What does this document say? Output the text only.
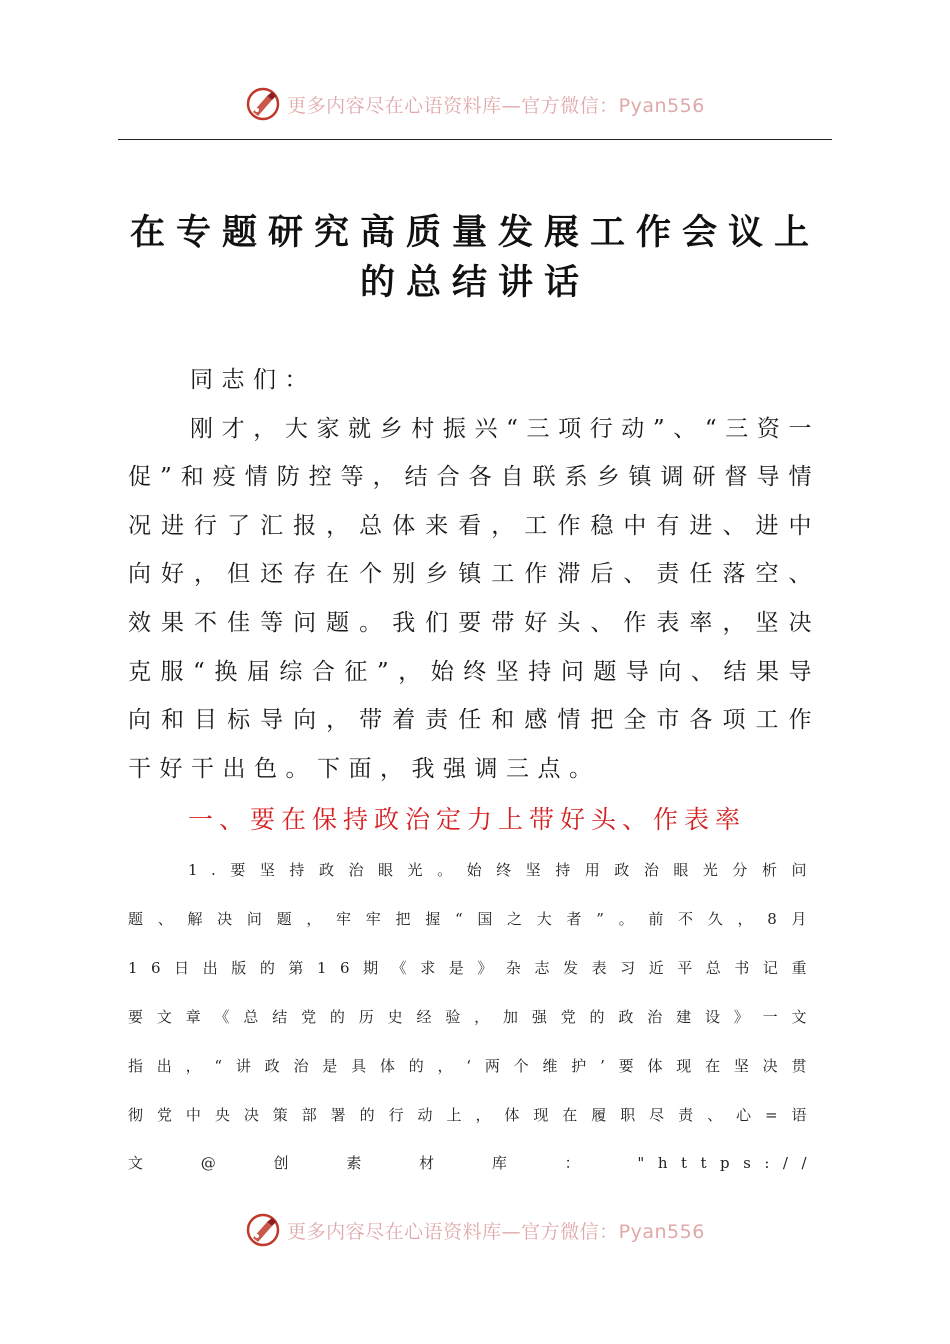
更多内容尽在心语资料库—官方微信：Pyan556
在专题研究高质量发展工作会议上
的总结讲话

同志们：

刚才，大家就乡村振兴“三项行动”、“三资一促”和疫情防控等，结合各自联系乡镇调研督导情况进行了汇报，总体来看，工作稳中有进、进中向好，但还存在个别乡镇工作滞后、责任落空、效果不佳等问题。我们要带好头、作表率，坚决克服“换届综合征”，始终坚持问题导向、结果导向和目标导向，带着责任和感情把全市各项工作干好干出色。下面，我强调三点。

一、要在保持政治定力上带好头、作表率

1.要坚持政治眼光。始终坚持用政治眼光分析问题、解决问题，牢牢把握“国之大者”。前不久，8月16日出版的第16期《求是》杂志发表习近平总书记重要文章《总结党的历史经验，加强党的政治建设》一文指出，“讲政治是具体的，‘两个维护’要体现在坚决贯彻党中央决策部署的行动上，体现在履职尽责、心=语文@创素材库："https://

更多内容尽在心语资料库—官方微信：Pyan556
